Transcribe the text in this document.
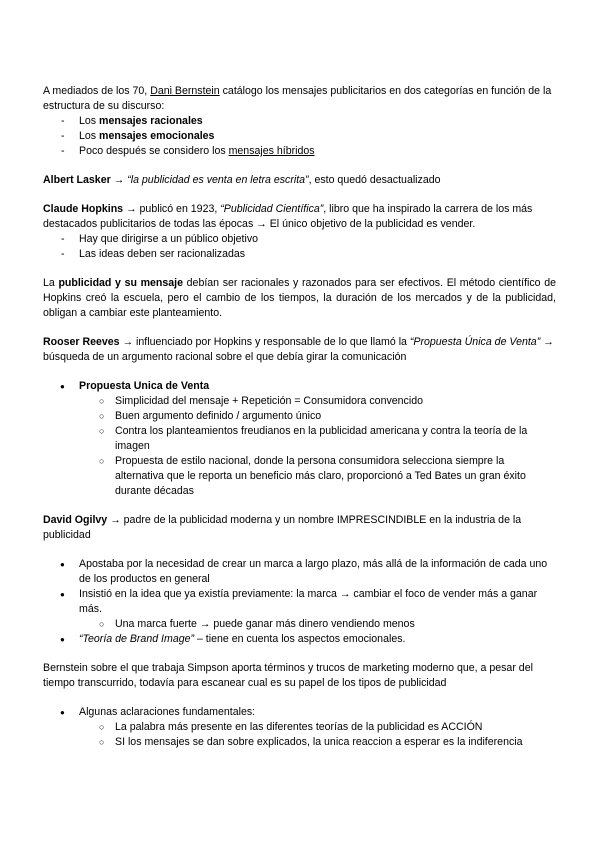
A mediados de los 70, Dani Bernstein catálogo los mensajes publicitarios en dos categorías en función de la estructura de su discurso:

- Los mensajes racionales
- Los mensajes emocionales
- Poco después se considero los mensajes híbridos

Albert Lasker → “la publicidad es venta en letra escrita”, esto quedó desactualizado

Claude Hopkins → publicó en 1923, “Publicidad Científica”, libro que ha inspirado la carrera de los más destacados publicitarios de todas las épocas → El único objetivo de la publicidad es vender.

- Hay que dirigirse a un público objetivo
- Las ideas deben ser racionalizadas

La publicidad y su mensaje debían ser racionales y razonados para ser efectivos. El método científico de Hopkins creó la escuela, pero el cambio de los tiempos, la duración de los mercados y de la publicidad, obligan a cambiar este planteamiento.

Rooser Reeves → influenciado por Hopkins y responsable de lo que llamó la “Propuesta Única de Venta” → búsqueda de un argumento racional sobre el que debía girar la comunicación

● Propuesta Unica de Venta
○ Simplicidad del mensaje + Repetición = Consumidora convencido
○ Buen argumento definido / argumento único
○ Contra los planteamientos freudianos en la publicidad americana y contra la teoría de la imagen
○ Propuesta de estilo nacional, donde la persona consumidora selecciona siempre la alternativa que le reporta un beneficio más claro, proporcionó a Ted Bates un gran éxito durante décadas

David Ogilvy → padre de la publicidad moderna y un nombre IMPRESCINDIBLE en la industria de la publicidad

● Apostaba por la necesidad de crear un marca a largo plazo, más allá de la información de cada uno de los productos en general
● Insistió en la idea que ya existía previamente: la marca → cambiar el foco de vender más a ganar más.
○ Una marca fuerte → puede ganar más dinero vendiendo menos
● “Teoría de Brand Image” – tiene en cuenta los aspectos emocionales.

Bernstein sobre el que trabaja Simpson aporta términos y trucos de marketing moderno que, a pesar del tiempo transcurrido, todavía para escanear cual es su papel de los tipos de publicidad

● Algunas aclaraciones fundamentales:
○ La palabra más presente en las diferentes teorías de la publicidad es ACCIÓN
○ SI los mensajes se dan sobre explicados, la unica reaccion a esperar es la indiferencia
